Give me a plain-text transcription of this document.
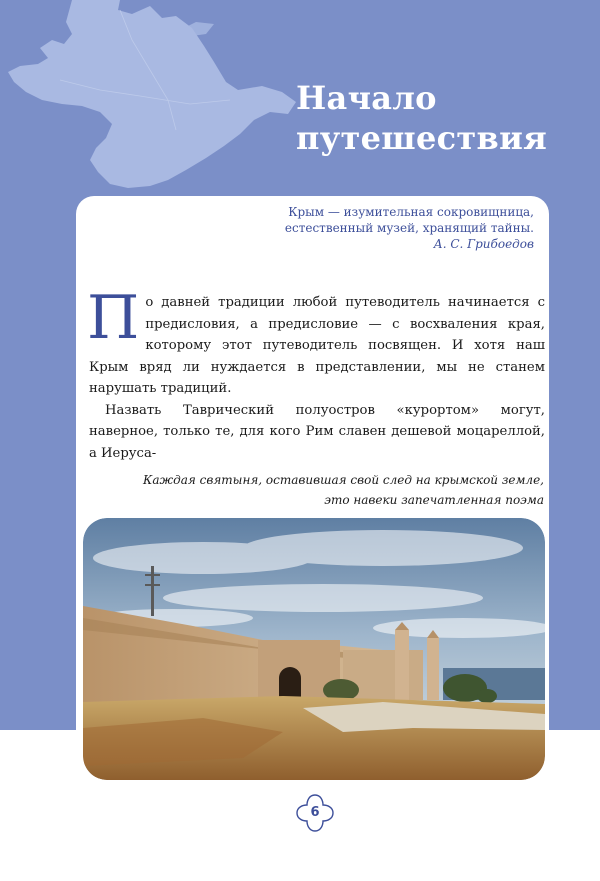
Начало
путешествия
Крым — изумительная сокровищница,
естественный музей, хранящий тайны.
А. С. Грибоедов

По давней традиции любой путеводитель начинается с предисловия, а предисловие — с восхваления края, которому этот путеводитель посвящен. И хотя наш Крым вряд ли нуждается в представлении, мы не станем нарушать традиций.

Назвать Таврический полуостров «курортом» могут, наверное, только те, для кого Рим славен дешевой моцареллой, а Иеруса-

Каждая святыня, оставившая свой след на крымской земле,
это навеки запечатленная поэма
6
